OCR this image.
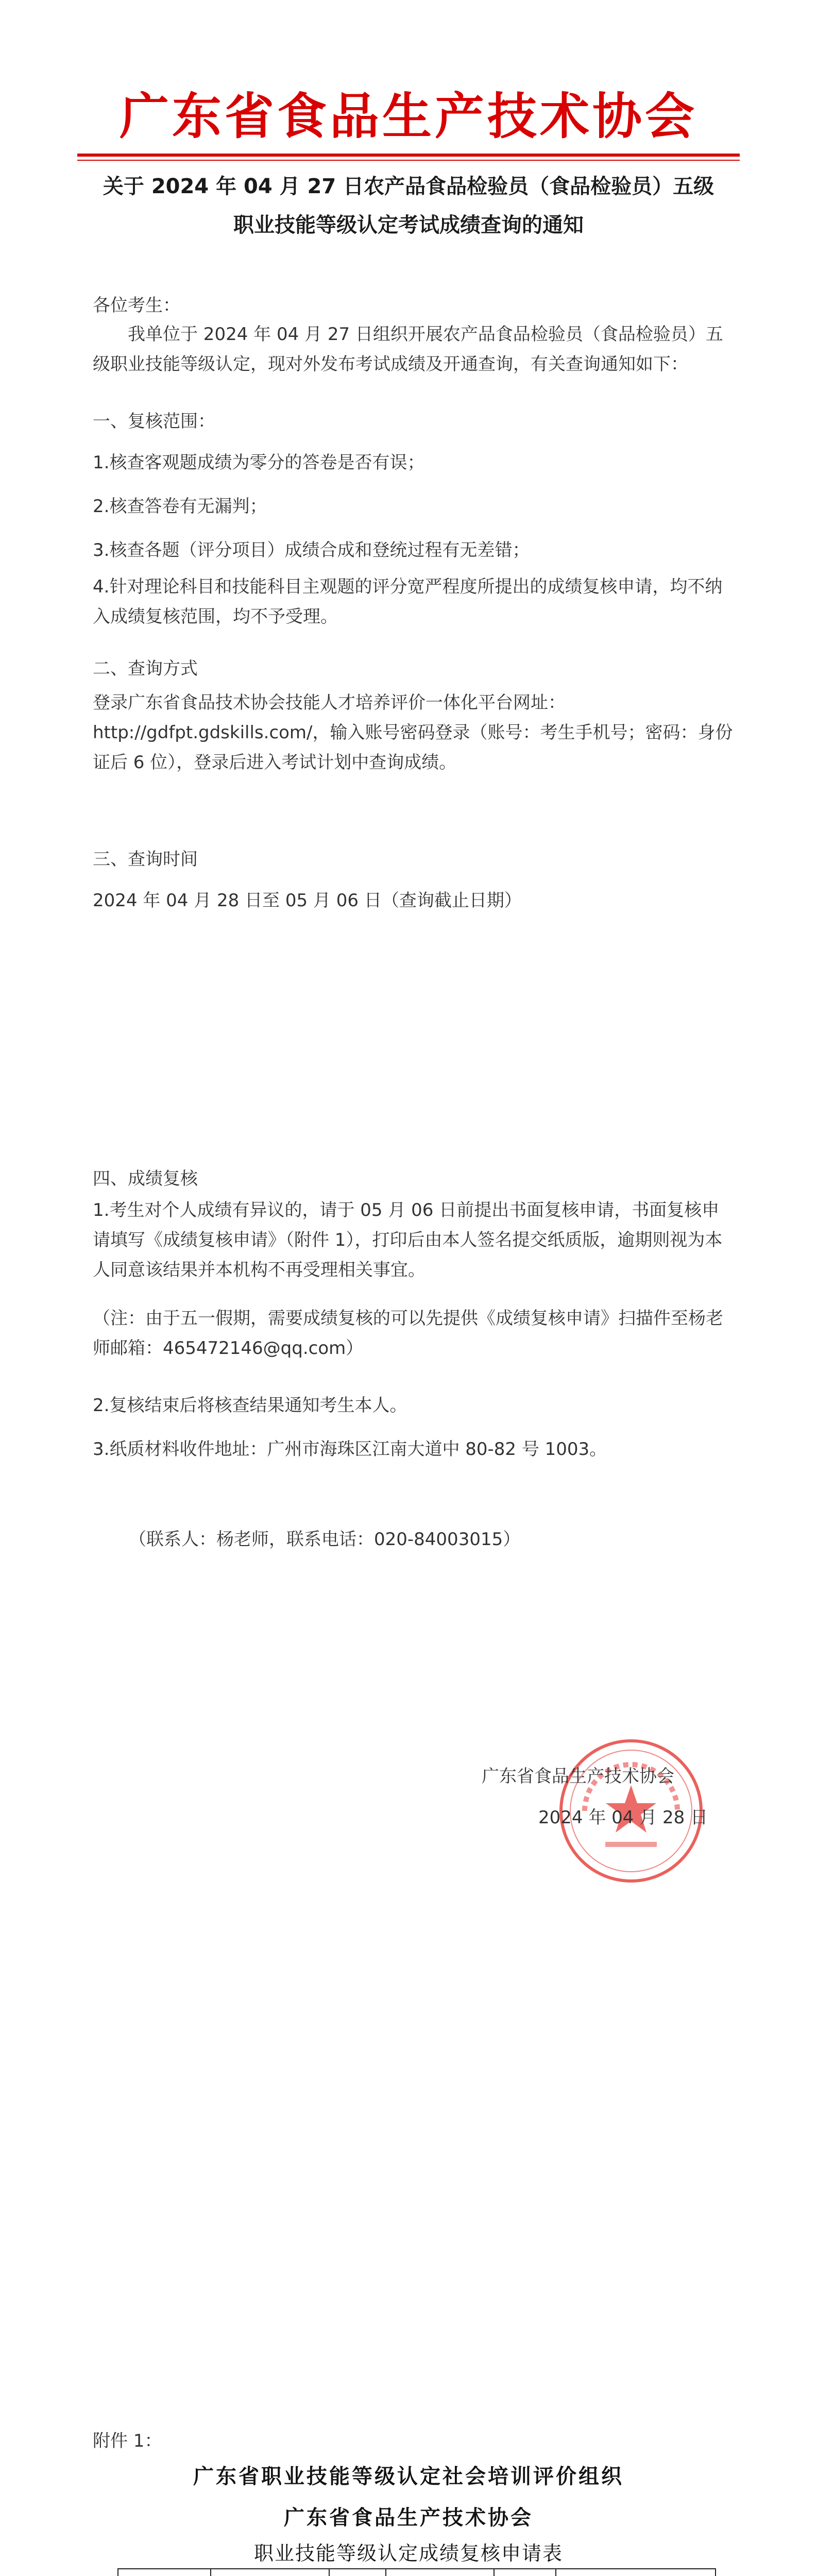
广东省食品生产技术协会
关于 2024 年 04 月 27 日农产品食品检验员（食品检验员）五级
职业技能等级认定考试成绩查询的通知
各位考生：
我单位于 2024 年 04 月 27 日组织开展农产品食品检验员（食品检验员）五级职业技能等级认定，现对外发布考试成绩及开通查询，有关查询通知如下：
一、复核范围：
1.核查客观题成绩为零分的答卷是否有误；
2.核查答卷有无漏判；
3.核查各题（评分项目）成绩合成和登统过程有无差错；
4.针对理论科目和技能科目主观题的评分宽严程度所提出的成绩复核申请，均不纳入成绩复核范围，均不予受理。
二、查询方式
登录广东省食品技术协会技能人才培养评价一体化平台网址：http://gdfpt.gdskills.com/，输入账号密码登录（账号：考生手机号；密码：身份证后 6 位），登录后进入考试计划中查询成绩。
三、查询时间
2024 年 04 月 28 日至 05 月 06 日（查询截止日期）
四、成绩复核
1.考生对个人成绩有异议的，请于 05 月 06 日前提出书面复核申请，书面复核申请填写《成绩复核申请》（附件 1），打印后由本人签名提交纸质版，逾期则视为本人同意该结果并本机构不再受理相关事宜。
（注：由于五一假期，需要成绩复核的可以先提供《成绩复核申请》扫描件至杨老师邮箱：465472146@qq.com）
2.复核结束后将核查结果通知考生本人。
3.纸质材料收件地址：广州市海珠区江南大道中 80-82 号 1003。
（联系人：杨老师，联系电话：020-84003015）
广东省食品生产技术协会
2024 年 04 月 28 日
附件 1：
广东省职业技能等级认定社会培训评价组织
广东省食品生产技术协会
职业技能等级认定成绩复核申请表
